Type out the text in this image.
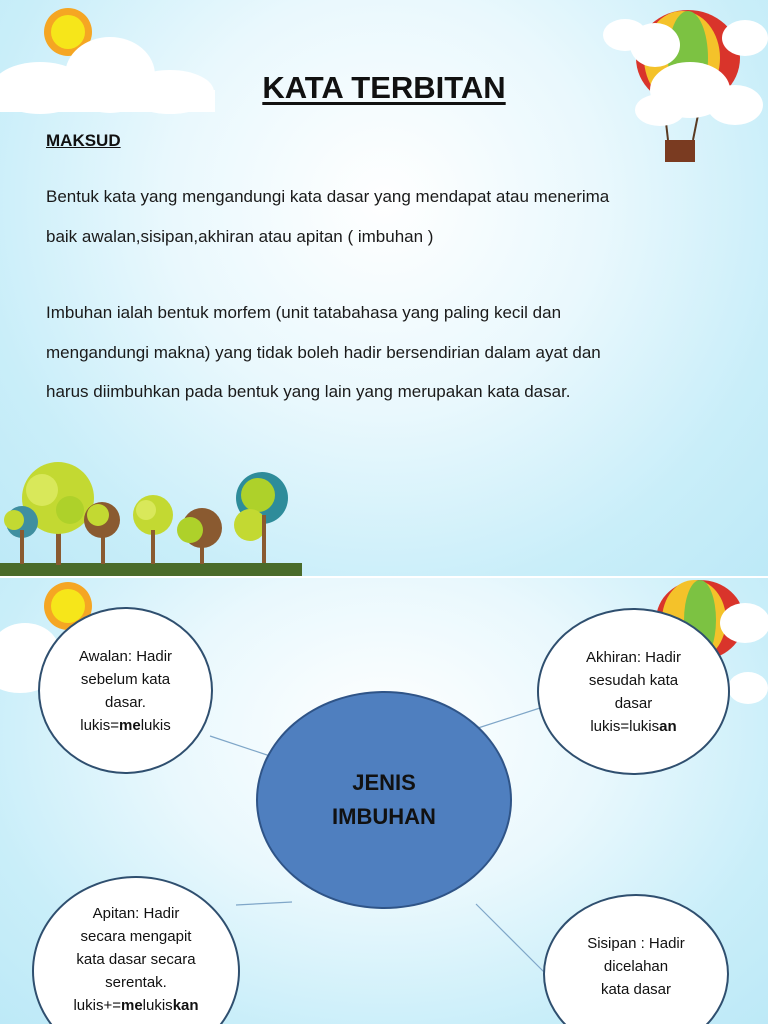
KATA TERBITAN
MAKSUD
Bentuk kata yang mengandungi kata dasar yang mendapat atau menerima
baik awalan,sisipan,akhiran atau apitan ( imbuhan )
Imbuhan ialah bentuk morfem (unit tatabahasa yang paling kecil dan
mengandungi makna) yang tidak boleh hadir bersendirian dalam ayat dan
harus diimbuhkan pada bentuk yang lain yang merupakan kata dasar.
JENIS
IMBUHAN
Awalan: Hadir
sebelum kata
dasar.
lukis=melukis
Akhiran: Hadir
sesudah kata
dasar
lukis=lukisan
Apitan: Hadir
secara mengapit
kata dasar secara
serentak.
lukis+=melukiskan
Sisipan : Hadir
dicelahan
kata dasar
